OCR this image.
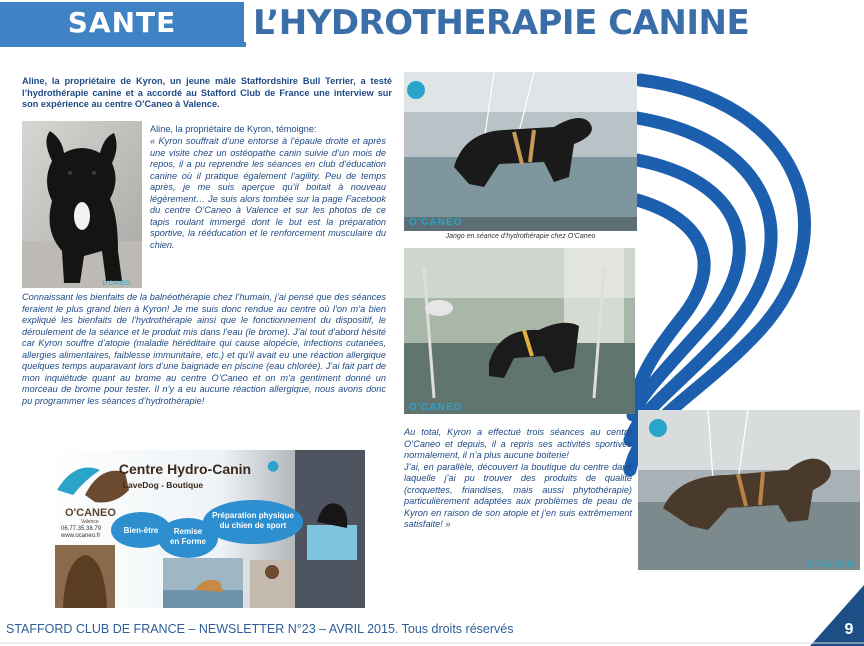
SANTE L’HYDROTHERAPIE CANINE

Aline, la propriétaire de Kyron, un jeune mâle Staffordshire Bull Terrier, a testé l’hydrothérapie canine et a accordé au Stafford Club de France une interview sur son expérience au centre O’Caneo à Valence.

O’CANEO

Aline, la propriétaire de Kyron, témoigne:

« Kyron souffrait d’une entorse à l’épaule droite et après une visite chez un ostéopathe canin suivie d’un mois de repos, il a pu reprendre les séances en club d’éducation canine où il pratique également l’agility. Peu de temps après, je me suis aperçue qu’il boitait à nouveau légèrement… Je suis alors tombée sur la page Facebook du centre O’Caneo à Valence et sur les photos de ce tapis roulant immergé dont le but est la préparation sportive, la rééducation et le renforcement musculaire du chien.

Connaissant les bienfaits de la balnéothérapie chez l’humain, j’ai pensé que des séances feraient le plus grand bien à Kyron! Je me suis donc rendue au centre où l’on m’a bien expliqué les bienfaits de l’hydrothérapie ainsi que le fonctionnement du dispositif, le déroulement de la séance et le produit mis dans l’eau (le brome). J’ai tout d’abord hésité car Kyron souffre d’atopie (maladie héréditaire qui cause alopécie, infections cutanées, allergies alimentaires, faiblesse immunitaire, etc.) et qu’il avait eu une réaction allergique quelques temps auparavant lors d’une baignade en piscine (eau chlorée). J’ai fait part de mon inquiétude quant au brome au centre O’Caneo et on m’a gentiment donné un morceau de brome pour tester. Il n’y a eu aucune réaction allergique, nous avons donc pu programmer les séances d’hydrothérapie!

O'CANEO
Valence
06.77.35.38.79
www.ocaneo.fr
Centre Hydro-Canin
LaveDog - Boutique
●
Bien-être Remise
en Forme
Préparation physique
du chien de sport
O'CANEO
Jango en séance d’hydrothérapie chez O’Caneo
O'CANEO
O'CANEO

Au total, Kyron a effectué trois séances au centre O’Caneo et depuis, il a repris ses activités sportives normalement, il n’a plus aucune boiterie!

J’ai, en parallèle, découvert la boutique du centre dans laquelle j’ai pu trouver des produits de qualité (croquettes, friandises, mais aussi phytothérapie) particulièrement adaptées aux problèmes de peau de Kyron en raison de son atopie et j’en suis extrêmement satisfaite! »

STAFFORD CLUB DE FRANCE – NEWSLETTER N°23 – AVRIL 2015. Tous droits réservés	9
